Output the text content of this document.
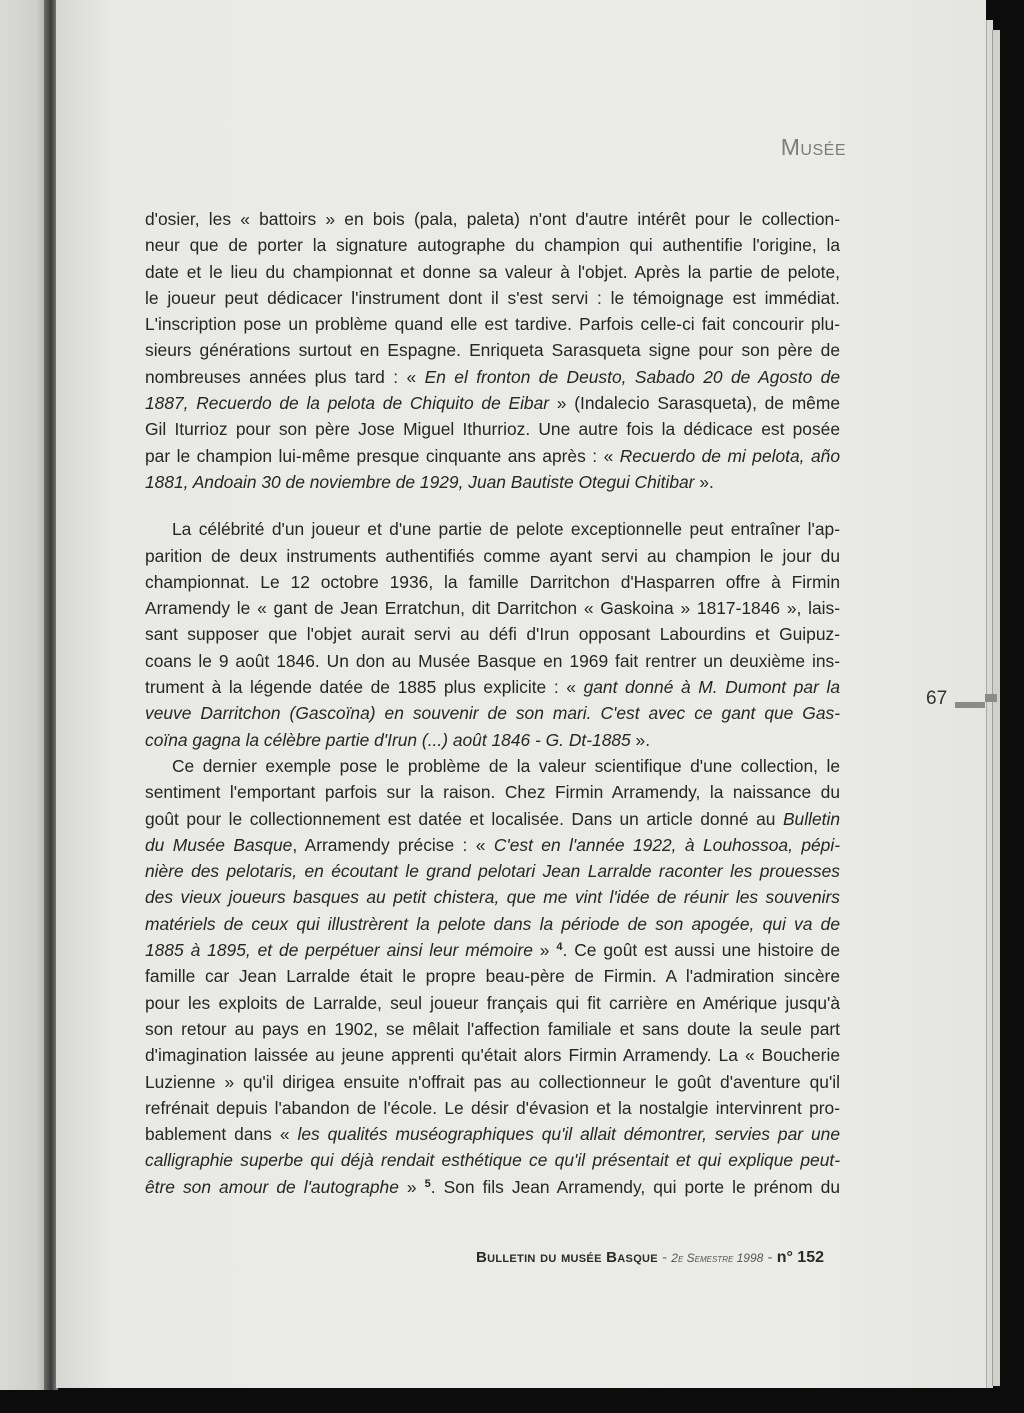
Musée
d'osier, les « battoirs » en bois (pala, paleta) n'ont d'autre intérêt pour le collection-
neur que de porter la signature autographe du champion qui authentifie l'origine, la
date et le lieu du championnat et donne sa valeur à l'objet. Après la partie de pelote,
le joueur peut dédicacer l'instrument dont il s'est servi : le témoignage est immédiat.
L'inscription pose un problème quand elle est tardive. Parfois celle-ci fait concourir plu-
sieurs générations surtout en Espagne. Enriqueta Sarasqueta signe pour son père de
nombreuses années plus tard : « En el fronton de Deusto, Sabado 20 de Agosto de
1887, Recuerdo de la pelota de Chiquito de Eibar » (Indalecio Sarasqueta), de même
Gil Iturrioz pour son père Jose Miguel Ithurrioz. Une autre fois la dédicace est posée
par le champion lui-même presque cinquante ans après : « Recuerdo de mi pelota, año
1881, Andoain 30 de noviembre de 1929, Juan Bautiste Otegui Chitibar ».
La célébrité d'un joueur et d'une partie de pelote exceptionnelle peut entraîner l'ap-
parition de deux instruments authentifiés comme ayant servi au champion le jour du
championnat. Le 12 octobre 1936, la famille Darritchon d'Hasparren offre à Firmin
Arramendy le « gant de Jean Erratchun, dit Darritchon « Gaskoina » 1817-1846 », lais-
sant supposer que l'objet aurait servi au défi d'Irun opposant Labourdins et Guipuz-
coans le 9 août 1846. Un don au Musée Basque en 1969 fait rentrer un deuxième ins-
trument à la légende datée de 1885 plus explicite : « gant donné à M. Dumont par la
veuve Darritchon (Gascoïna) en souvenir de son mari. C'est avec ce gant que Gas-
coïna gagna la célèbre partie d'Irun (...) août 1846 - G. Dt-1885 ».
Ce dernier exemple pose le problème de la valeur scientifique d'une collection, le
sentiment l'emportant parfois sur la raison. Chez Firmin Arramendy, la naissance du
goût pour le collectionnement est datée et localisée. Dans un article donné au Bulletin
du Musée Basque, Arramendy précise : « C'est en l'année 1922, à Louhossoa, pépi-
nière des pelotaris, en écoutant le grand pelotari Jean Larralde raconter les prouesses
des vieux joueurs basques au petit chistera, que me vint l'idée de réunir les souvenirs
matériels de ceux qui illustrèrent la pelote dans la période de son apogée, qui va de
1885 à 1895, et de perpétuer ainsi leur mémoire » $^4$. Ce goût est aussi une histoire de
famille car Jean Larralde était le propre beau-père de Firmin. A l'admiration sincère
pour les exploits de Larralde, seul joueur français qui fit carrière en Amérique jusqu'à
son retour au pays en 1902, se mêlait l'affection familiale et sans doute la seule part
d'imagination laissée au jeune apprenti qu'était alors Firmin Arramendy. La « Boucherie
Luzienne » qu'il dirigea ensuite n'offrait pas au collectionneur le goût d'aventure qu'il
refrénait depuis l'abandon de l'école. Le désir d'évasion et la nostalgie intervinrent pro-
bablement dans « les qualités muséographiques qu'il allait démontrer, servies par une
calligraphie superbe qui déjà rendait esthétique ce qu'il présentait et qui explique peut-
être son amour de l'autographe » $^5$. Son fils Jean Arramendy, qui porte le prénom du
67
Bulletin du musée Basque - 2e Semestre 1998 - n° 152
